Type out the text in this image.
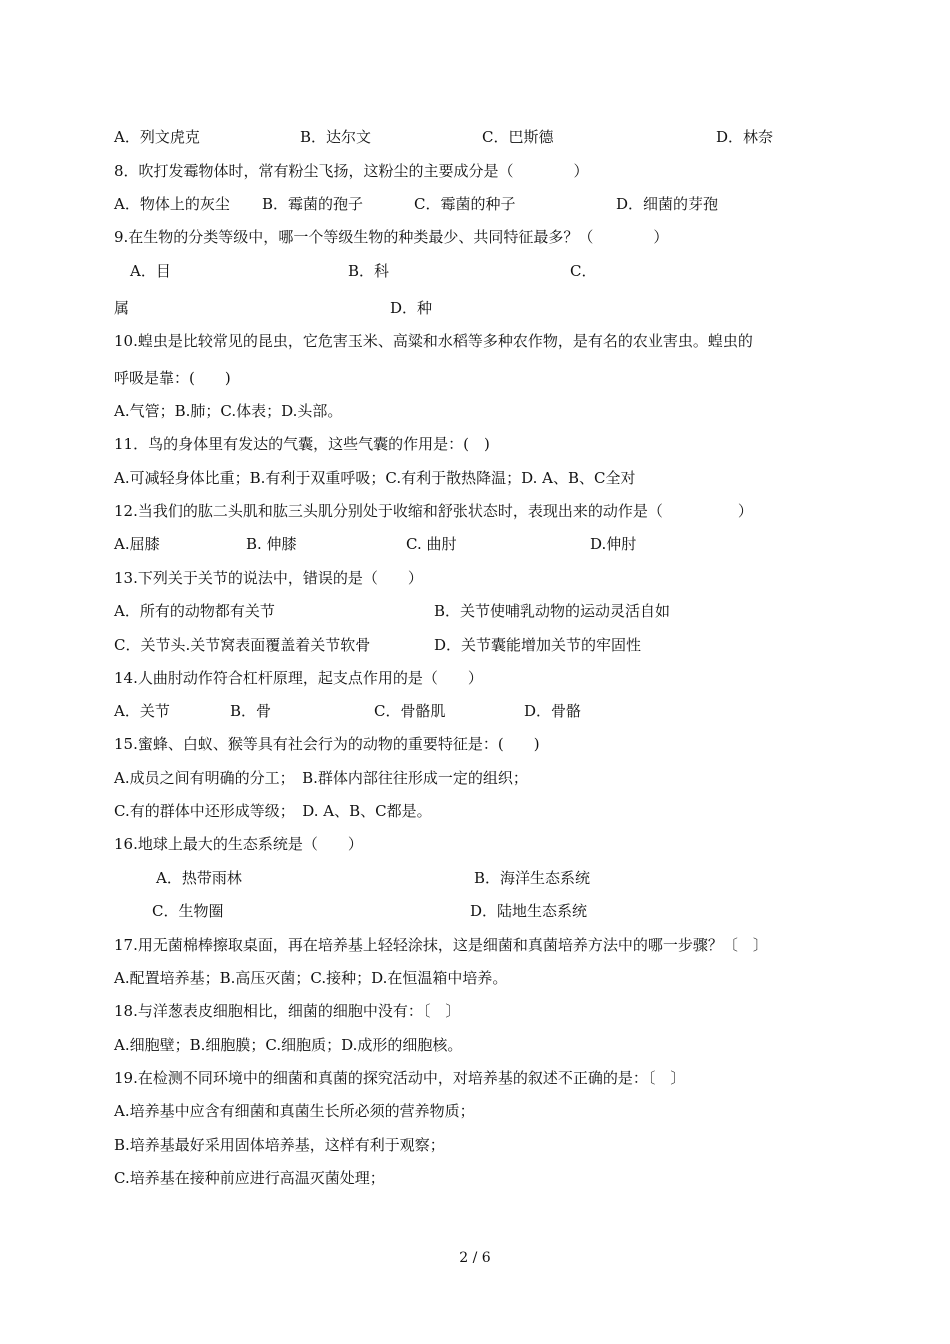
A．列文虎克	B．达尔文	C．巴斯德	D．林奈
8．吹打发霉物体时，常有粉尘飞扬，这粉尘的主要成分是（　　　　）
A．物体上的灰尘 B．霉菌的孢子	C．霉菌的种子	D．细菌的芽孢
9.在生物的分类等级中，哪一个等级生物的种类最少、共同特征最多？（　　　　）
A．目	B．科	C．
属	D．种
10.蝗虫是比较常见的昆虫，它危害玉米、高粱和水稻等多种农作物，是有名的农业害虫。蝗虫的
呼吸是靠：(　　)
A.气管；B.肺；C.体表；D.头部。
11．鸟的身体里有发达的气囊，这些气囊的作用是：(　)
A.可减轻身体比重；B.有利于双重呼吸；C.有利于散热降温；D. A、B、C全对
12.当我们的肱二头肌和肱三头肌分别处于收缩和舒张状态时，表现出来的动作是（　　　　　）
A.屈膝	B. 伸膝	C. 曲肘	D.伸肘
13.下列关于关节的说法中，错误的是（　　）
A．所有的动物都有关节	B．关节使哺乳动物的运动灵活自如
C．关节头.关节窝表面覆盖着关节软骨	D．关节囊能增加关节的牢固性
14.人曲肘动作符合杠杆原理，起支点作用的是（　　）
A．关节	B．骨	C．骨骼肌	D．骨骼
15.蜜蜂、白蚁、猴等具有社会行为的动物的重要特征是：(　　)
A.成员之间有明确的分工；　B.群体内部往往形成一定的组织；
C.有的群体中还形成等级；　D. A、B、C都是。
16.地球上最大的生态系统是（　　）
A．热带雨林	B．海洋生态系统
C．生物圈	D．陆地生态系统
17.用无菌棉棒擦取桌面，再在培养基上轻轻涂抹，这是细菌和真菌培养方法中的哪一步骤？〔　〕
A.配置培养基；B.高压灭菌；C.接种；D.在恒温箱中培养。
18.与洋葱表皮细胞相比，细菌的细胞中没有：〔　〕
A.细胞壁；B.细胞膜；C.细胞质；D.成形的细胞核。
19.在检测不同环境中的细菌和真菌的探究活动中，对培养基的叙述不正确的是：〔　〕
A.培养基中应含有细菌和真菌生长所必须的营养物质；
B.培养基最好采用固体培养基，这样有利于观察；
C.培养基在接种前应进行高温灭菌处理；
2 / 6
